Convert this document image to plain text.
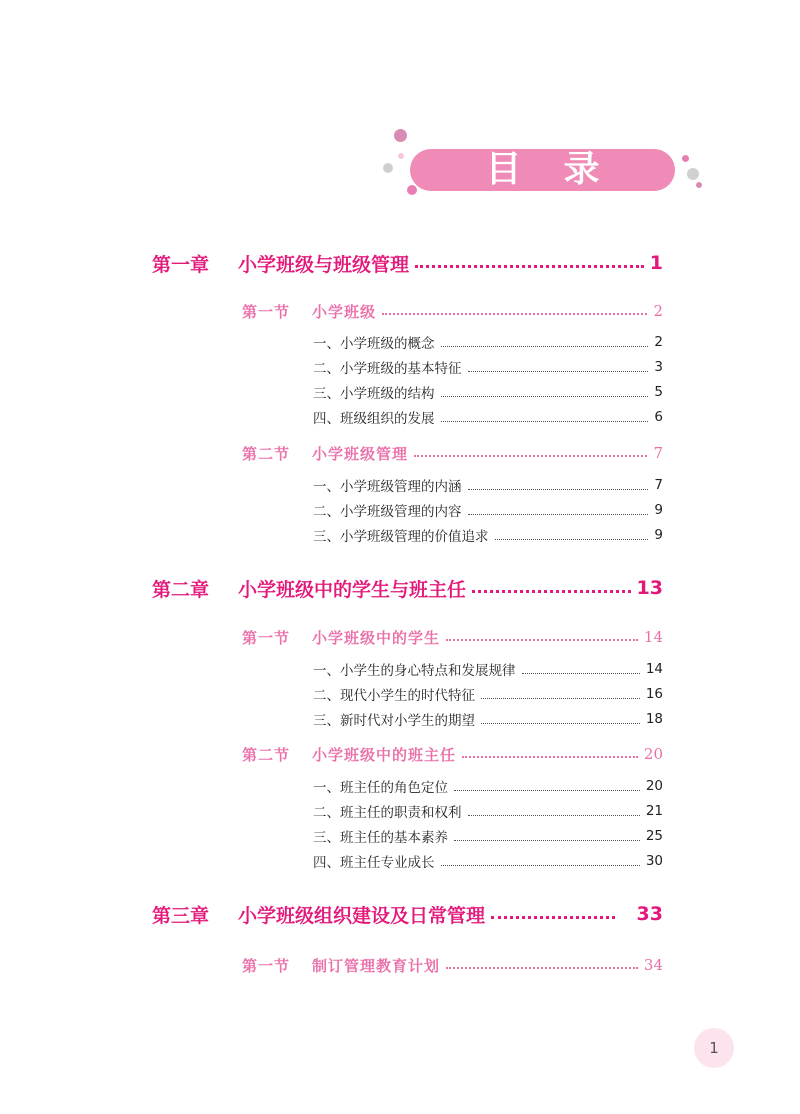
目录
第一章	小学班级与班级管理	1
第一节	小学班级	2
一、小学班级的概念	2
二、小学班级的基本特征	3
三、小学班级的结构	5
四、班级组织的发展	6
第二节	小学班级管理	7
一、小学班级管理的内涵	7
二、小学班级管理的内容	9
三、小学班级管理的价值追求	9
第二章	小学班级中的学生与班主任	13
第一节	小学班级中的学生	14
一、小学生的身心特点和发展规律	14
二、现代小学生的时代特征	16
三、新时代对小学生的期望	18
第二节	小学班级中的班主任	20
一、班主任的角色定位	20
二、班主任的职责和权利	21
三、班主任的基本素养	25
四、班主任专业成长	30
第三章	小学班级组织建设及日常管理	33
第一节	制订管理教育计划	34
1
